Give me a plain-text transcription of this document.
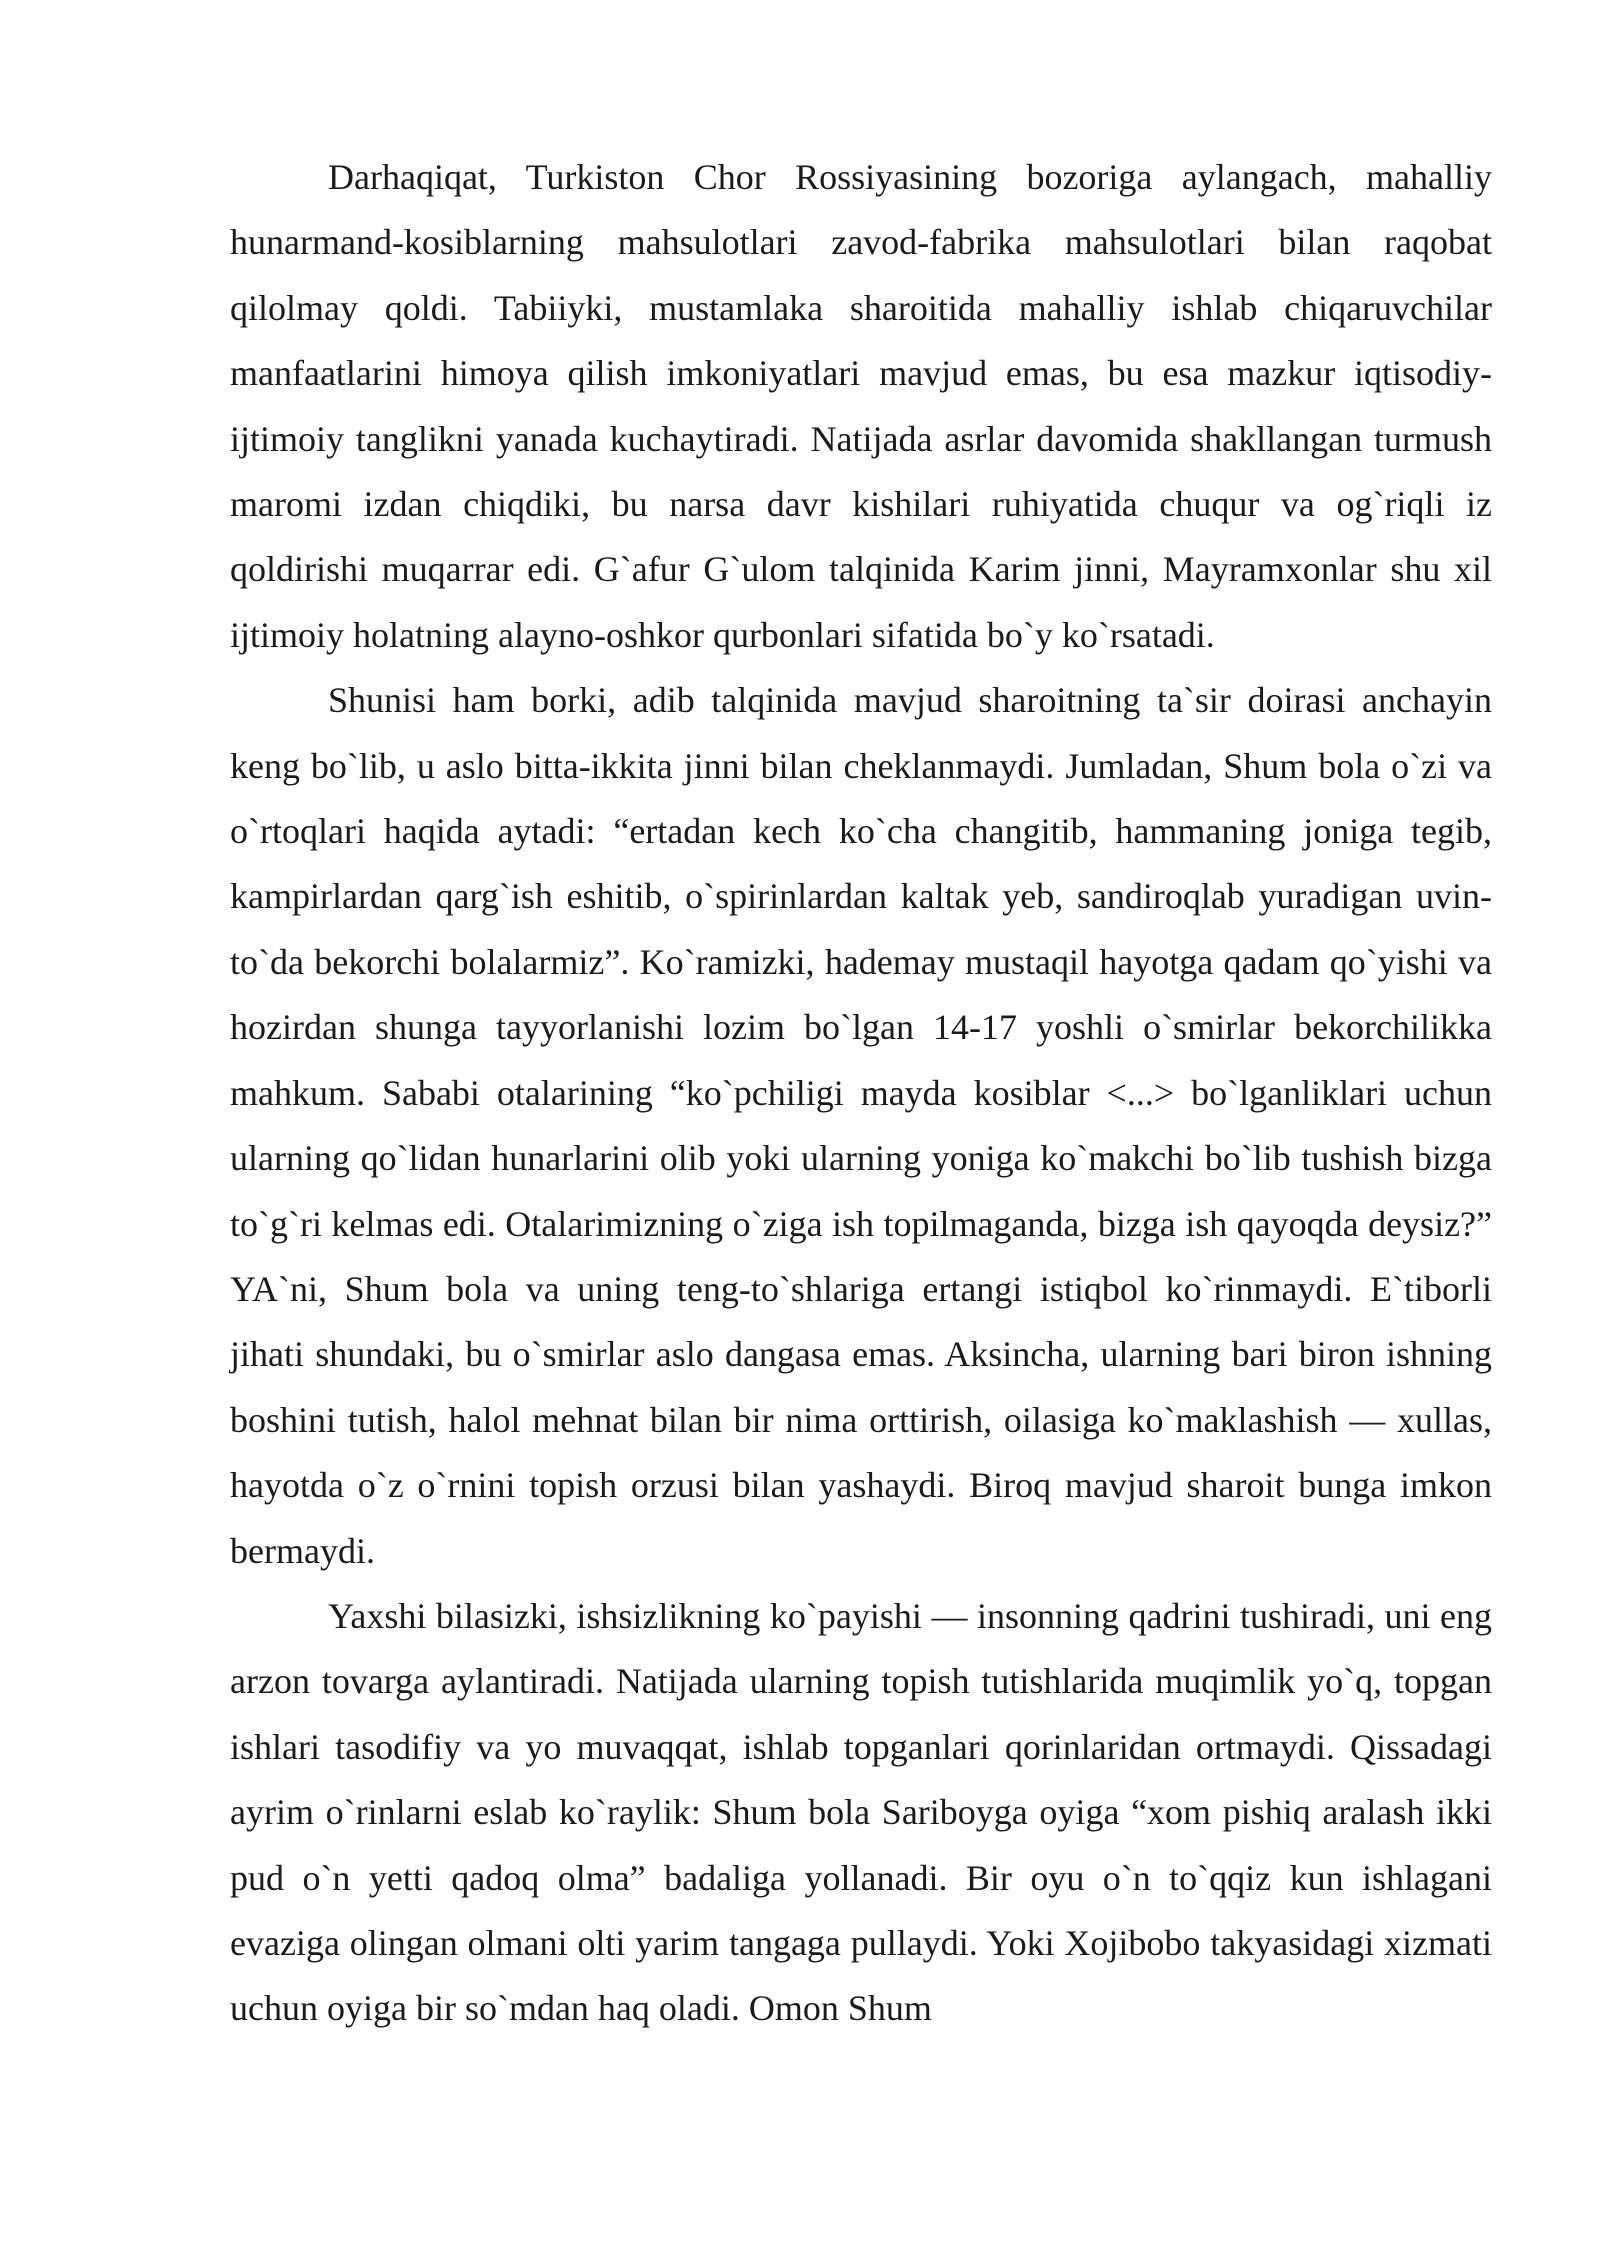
Darhaqiqat, Turkiston Chor Rossiyasining bozoriga aylangach, mahalliy hunarmand-kosiblarning mahsulotlari zavod-fabrika mahsulotlari bilan raqobat qilolmay qoldi. Tabiiyki, mustamlaka sharoitida mahalliy ishlab chiqaruvchilar manfaatlarini himoya qilish imkoniyatlari mavjud emas, bu esa mazkur iqtisodiy-ijtimoiy tanglikni yanada kuchaytiradi. Natijada asrlar davomida shakllangan turmush maromi izdan chiqdiki, bu narsa davr kishilari ruhiyatida chuqur va og`riqli iz qoldirishi muqarrar edi. G`afur G`ulom talqinida Karim jinni, Mayramxonlar shu xil ijtimoiy holatning alayno-oshkor qurbonlari sifatida bo`y ko`rsatadi.

Shunisi ham borki, adib talqinida mavjud sharoitning ta`sir doirasi anchayin keng bo`lib, u aslo bitta-ikkita jinni bilan cheklanmaydi. Jumladan, Shum bola o`zi va o`rtoqlari haqida aytadi: “ertadan kech ko`cha changitib, hammaning joniga tegib, kampirlardan qarg`ish eshitib, o`spirinlardan kaltak yeb, sandiroqlab yuradigan uvin-to`da bekorchi bolalarmiz”. Ko`ramizki, hademay mustaqil hayotga qadam qo`yishi va hozirdan shunga tayyorlanishi lozim bo`lgan 14-17 yoshli o`smirlar bekorchilikka mahkum. Sababi otalarining “ko`pchiligi mayda kosiblar <...> bo`lganliklari uchun ularning qo`lidan hunarlarini olib yoki ularning yoniga ko`makchi bo`lib tushish bizga to`g`ri kelmas edi. Otalarimizning o`ziga ish topilmaganda, bizga ish qayoqda deysiz?” YA`ni, Shum bola va uning teng-to`shlariga ertangi istiqbol ko`rinmaydi. E`tiborli jihati shundaki, bu o`smirlar aslo dangasa emas. Aksincha, ularning bari biron ishning boshini tutish, halol mehnat bilan bir nima orttirish, oilasiga ko`maklashish — xullas, hayotda o`z o`rnini topish orzusi bilan yashaydi. Biroq mavjud sharoit bunga imkon bermaydi.

Yaxshi bilasizki, ishsizlikning ko`payishi — insonning qadrini tushiradi, uni eng arzon tovarga aylantiradi. Natijada ularning topish tutishlarida muqimlik yo`q, topgan ishlari tasodifiy va yo muvaqqat, ishlab topganlari qorinlaridan ortmaydi. Qissadagi ayrim o`rinlarni eslab ko`raylik: Shum bola Sariboyga oyiga “xom pishiq aralash ikki pud o`n yetti qadoq olma” badaliga yollanadi. Bir oyu o`n to`qqiz kun ishlagani evaziga olingan olmani olti yarim tangaga pullaydi. Yoki Xojibobo takyasidagi xizmati uchun oyiga bir so`mdan haq oladi. Omon Shum
